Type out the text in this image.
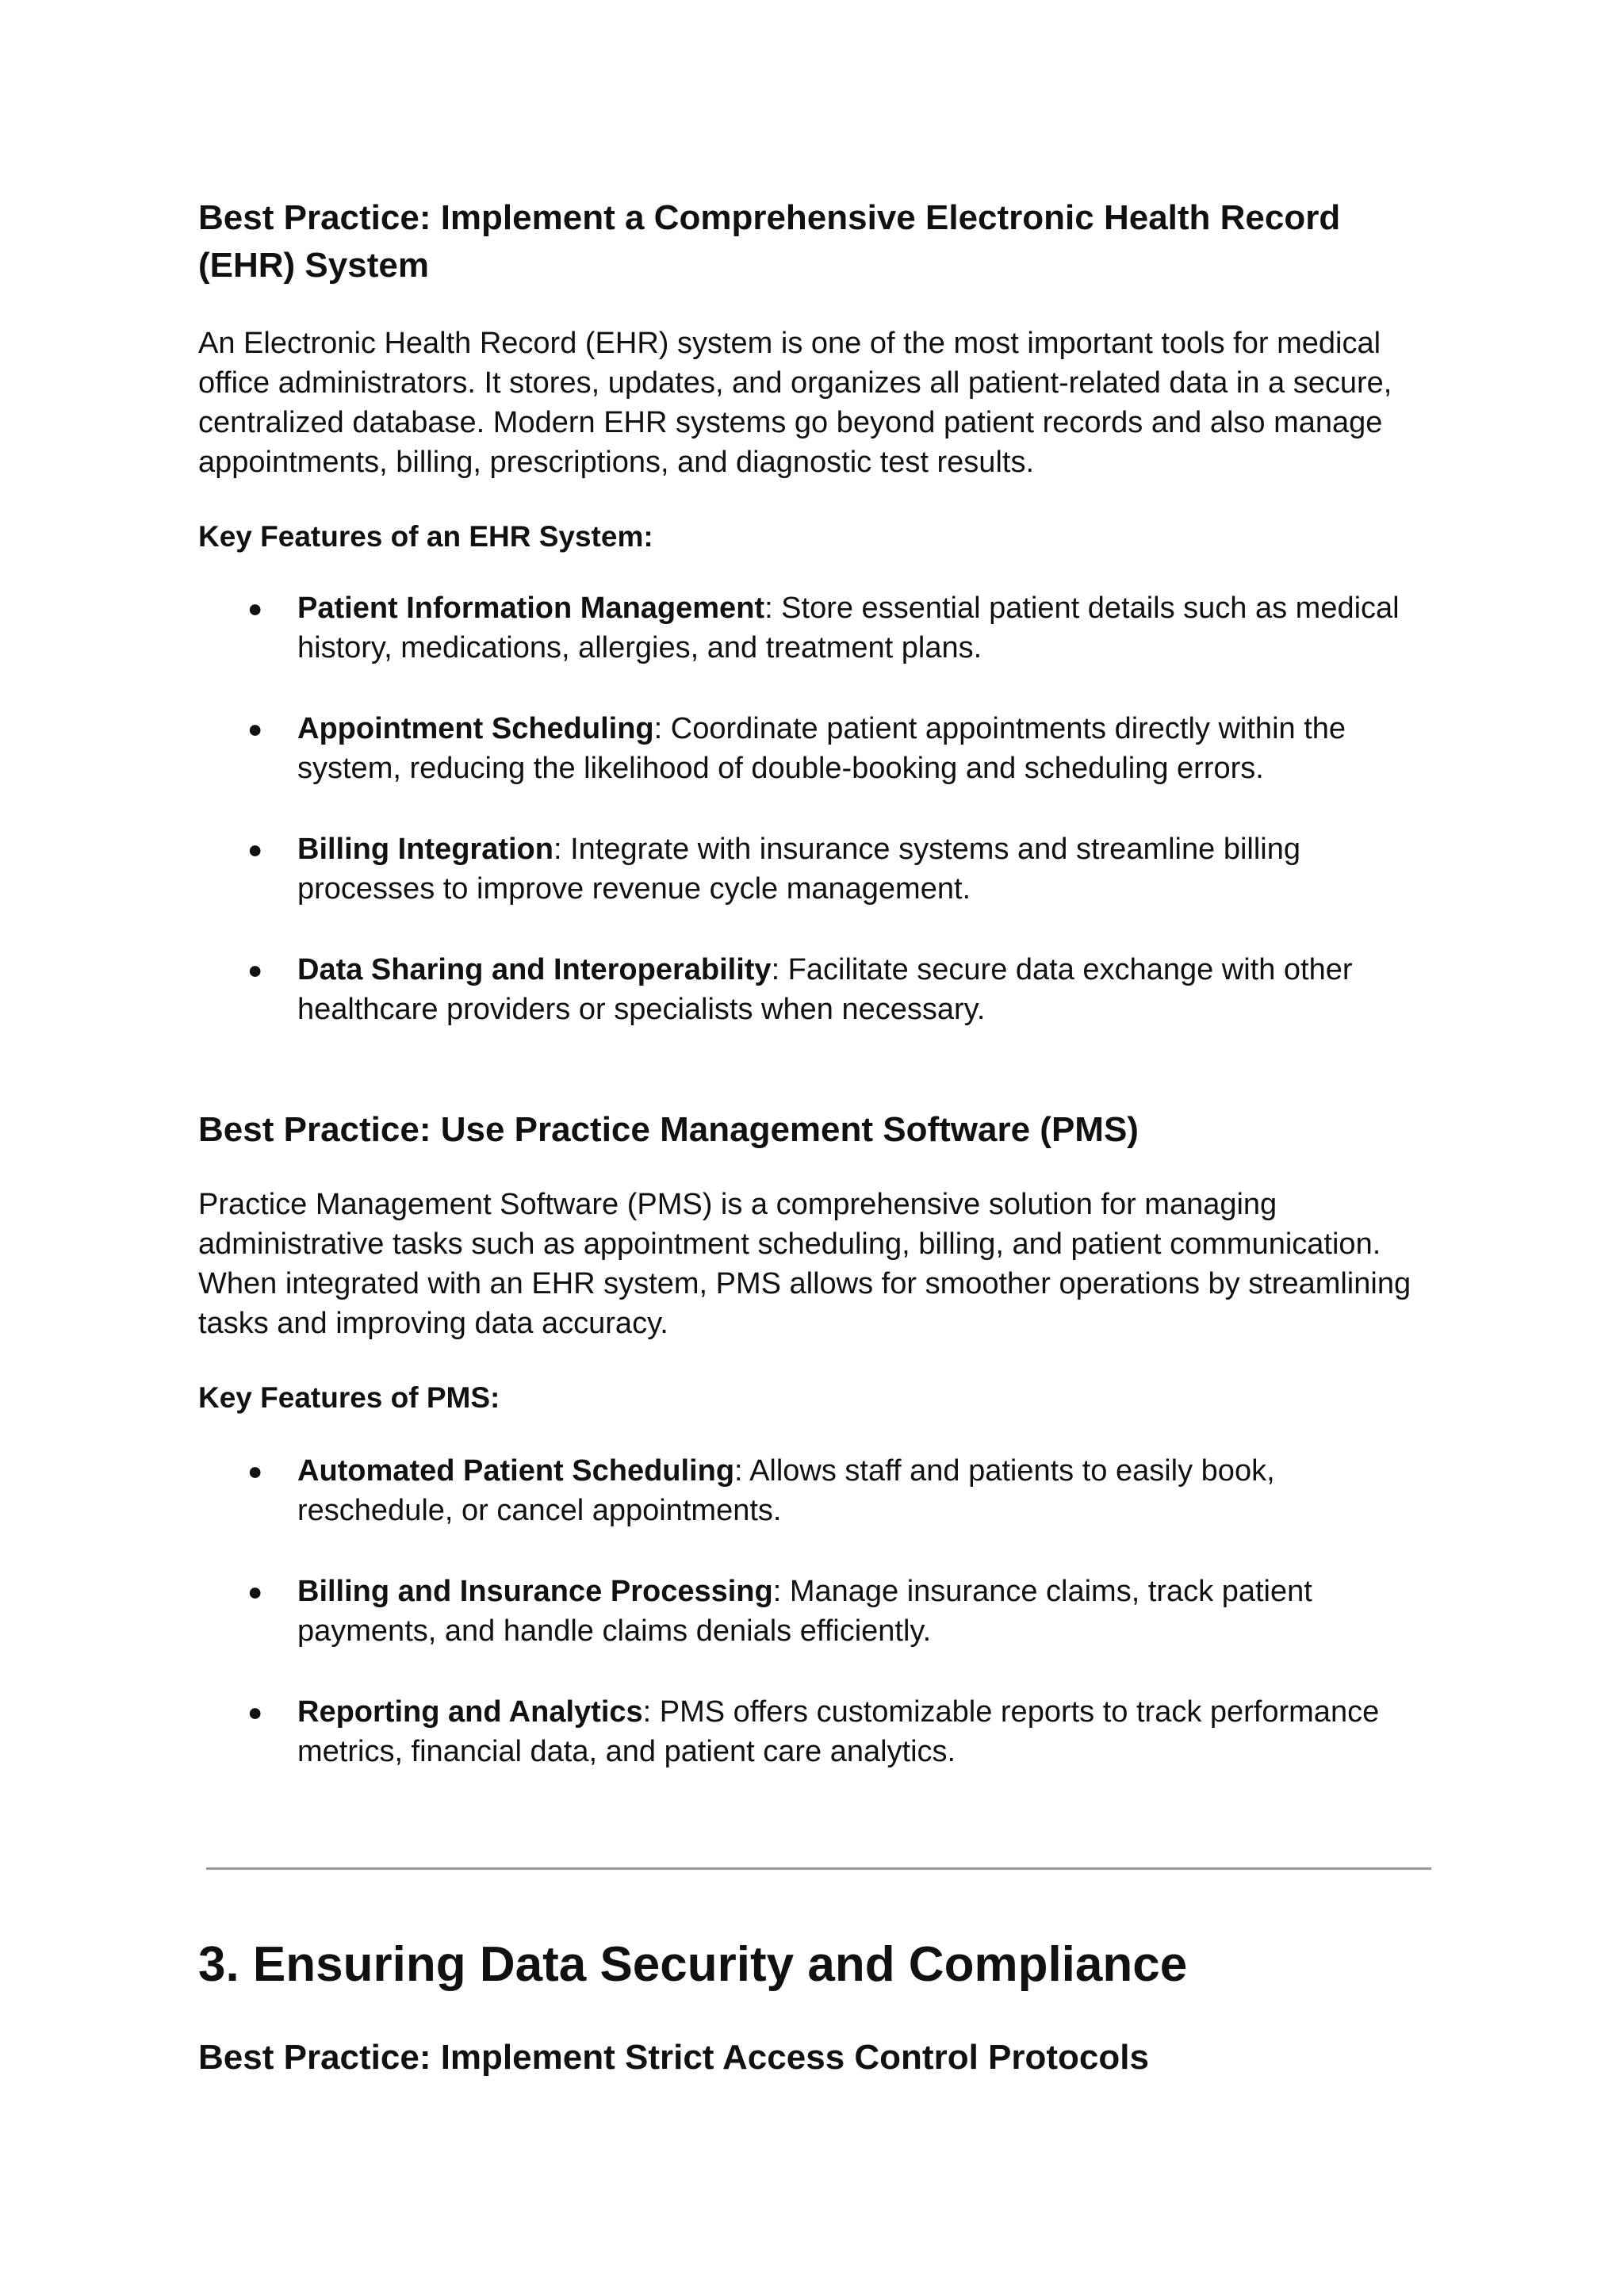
Best Practice: Implement a Comprehensive Electronic Health Record (EHR) System

An Electronic Health Record (EHR) system is one of the most important tools for medical office administrators. It stores, updates, and organizes all patient-related data in a secure, centralized database. Modern EHR systems go beyond patient records and also manage appointments, billing, prescriptions, and diagnostic test results.

Key Features of an EHR System:

● Patient Information Management: Store essential patient details such as medical history, medications, allergies, and treatment plans.
● Appointment Scheduling: Coordinate patient appointments directly within the system, reducing the likelihood of double-booking and scheduling errors.
● Billing Integration: Integrate with insurance systems and streamline billing processes to improve revenue cycle management.
● Data Sharing and Interoperability: Facilitate secure data exchange with other healthcare providers or specialists when necessary.
Best Practice: Use Practice Management Software (PMS)

Practice Management Software (PMS) is a comprehensive solution for managing administrative tasks such as appointment scheduling, billing, and patient communication. When integrated with an EHR system, PMS allows for smoother operations by streamlining tasks and improving data accuracy.

Key Features of PMS:

● Automated Patient Scheduling: Allows staff and patients to easily book, reschedule, or cancel appointments.
● Billing and Insurance Processing: Manage insurance claims, track patient payments, and handle claims denials efficiently.
● Reporting and Analytics: PMS offers customizable reports to track performance metrics, financial data, and patient care analytics.
3. Ensuring Data Security and Compliance
Best Practice: Implement Strict Access Control Protocols
